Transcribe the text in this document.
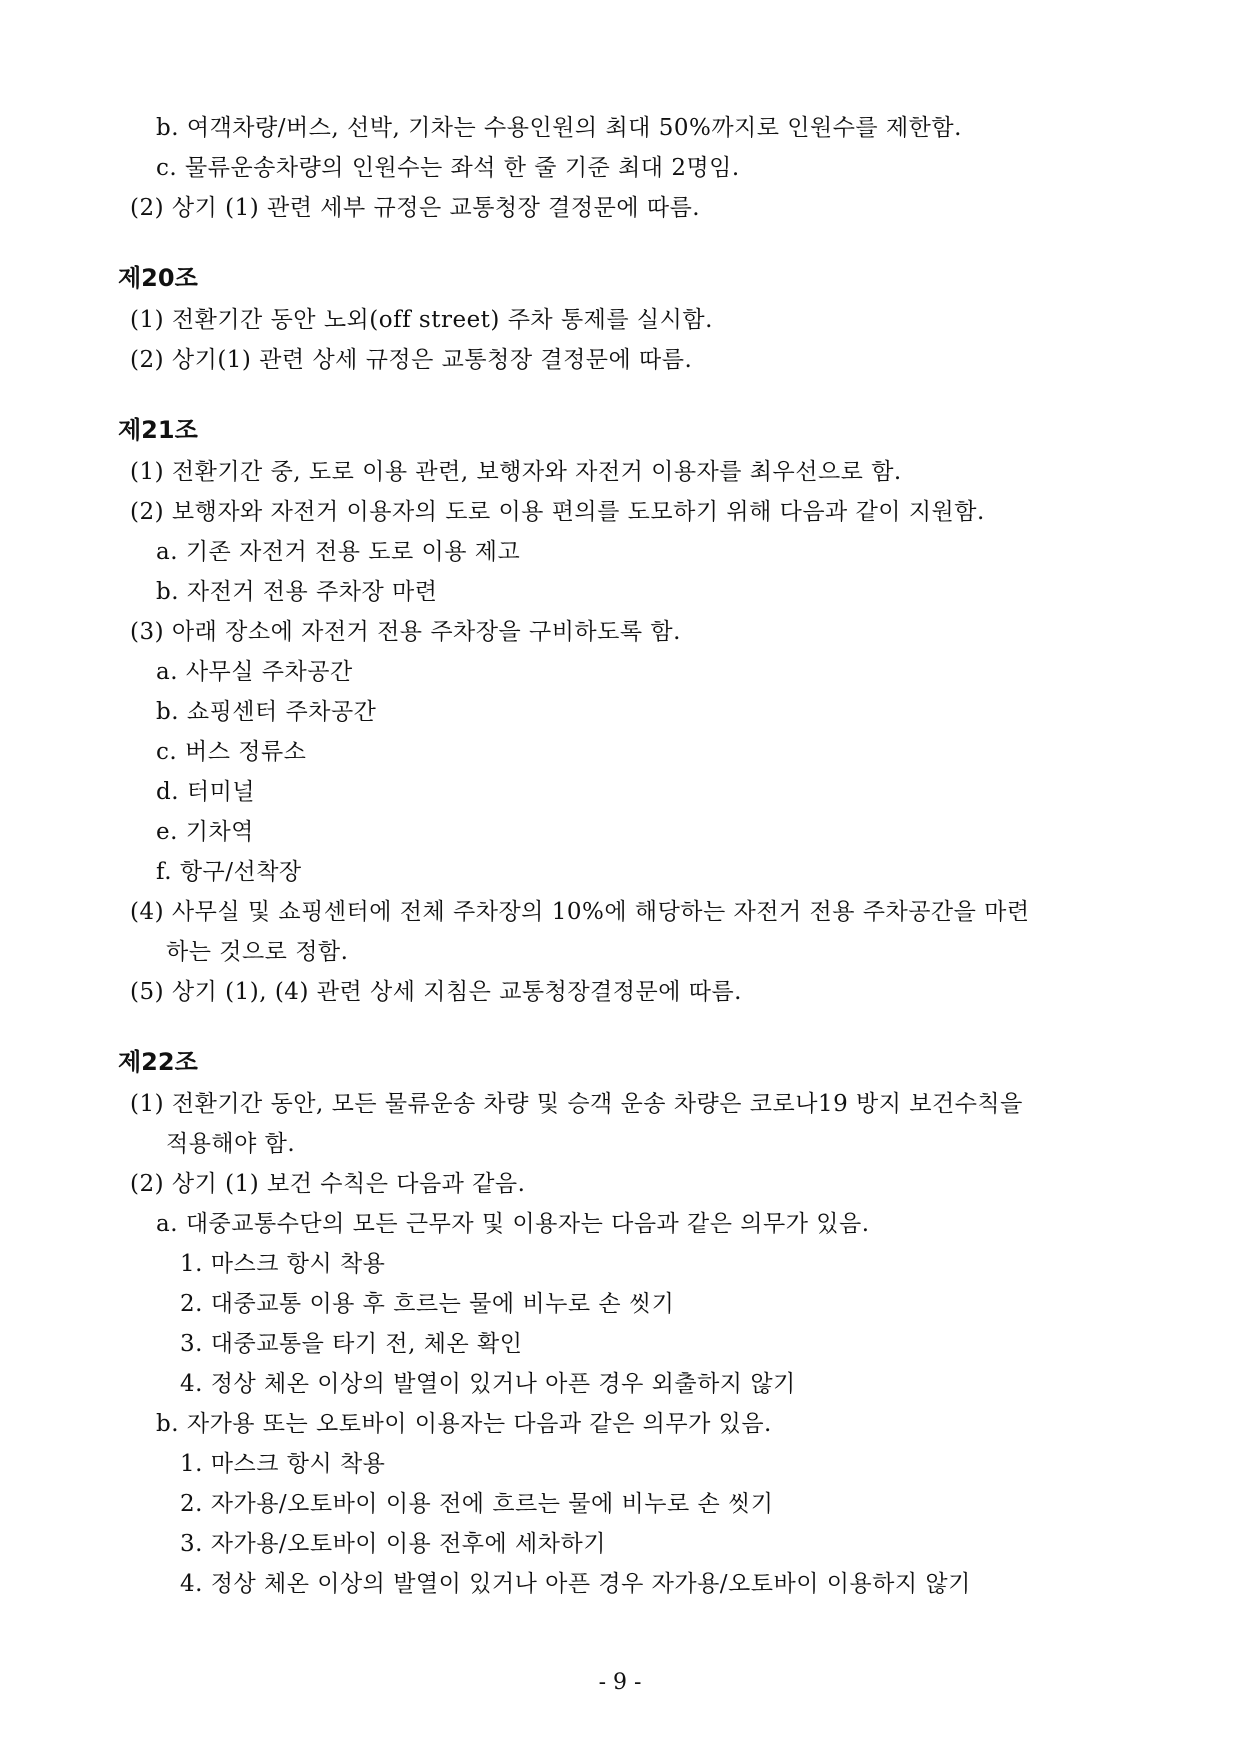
b. 여객차량/버스, 선박, 기차는 수용인원의 최대 50%까지로 인원수를 제한함.
c. 물류운송차량의 인원수는 좌석 한 줄 기준 최대 2명임.
(2) 상기 (1) 관련 세부 규정은 교통청장 결정문에 따름.
제20조
(1) 전환기간 동안 노외(off street) 주차 통제를 실시함.
(2) 상기(1) 관련 상세 규정은 교통청장 결정문에 따름.
제21조
(1) 전환기간 중, 도로 이용 관련, 보행자와 자전거 이용자를 최우선으로 함.
(2) 보행자와 자전거 이용자의 도로 이용 편의를 도모하기 위해 다음과 같이 지원함.
a. 기존 자전거 전용 도로 이용 제고
b. 자전거 전용 주차장 마련
(3) 아래 장소에 자전거 전용 주차장을 구비하도록 함.
a. 사무실 주차공간
b. 쇼핑센터 주차공간
c. 버스 정류소
d. 터미널
e. 기차역
f. 항구/선착장
(4) 사무실 및 쇼핑센터에 전체 주차장의 10%에 해당하는 자전거 전용 주차공간을 마련
하는 것으로 정함.
(5) 상기 (1), (4) 관련 상세 지침은 교통청장결정문에 따름.
제22조
(1) 전환기간 동안, 모든 물류운송 차량 및 승객 운송 차량은 코로나19 방지 보건수칙을
적용해야 함.
(2) 상기 (1) 보건 수칙은 다음과 같음.
a. 대중교통수단의 모든 근무자 및 이용자는 다음과 같은 의무가 있음.
1. 마스크 항시 착용
2. 대중교통 이용 후 흐르는 물에 비누로 손 씻기
3. 대중교통을 타기 전, 체온 확인
4. 정상 체온 이상의 발열이 있거나 아픈 경우 외출하지 않기
b. 자가용 또는 오토바이 이용자는 다음과 같은 의무가 있음.
1. 마스크 항시 착용
2. 자가용/오토바이 이용 전에 흐르는 물에 비누로 손 씻기
3. 자가용/오토바이 이용 전후에 세차하기
4. 정상 체온 이상의 발열이 있거나 아픈 경우 자가용/오토바이 이용하지 않기
- 9 -
